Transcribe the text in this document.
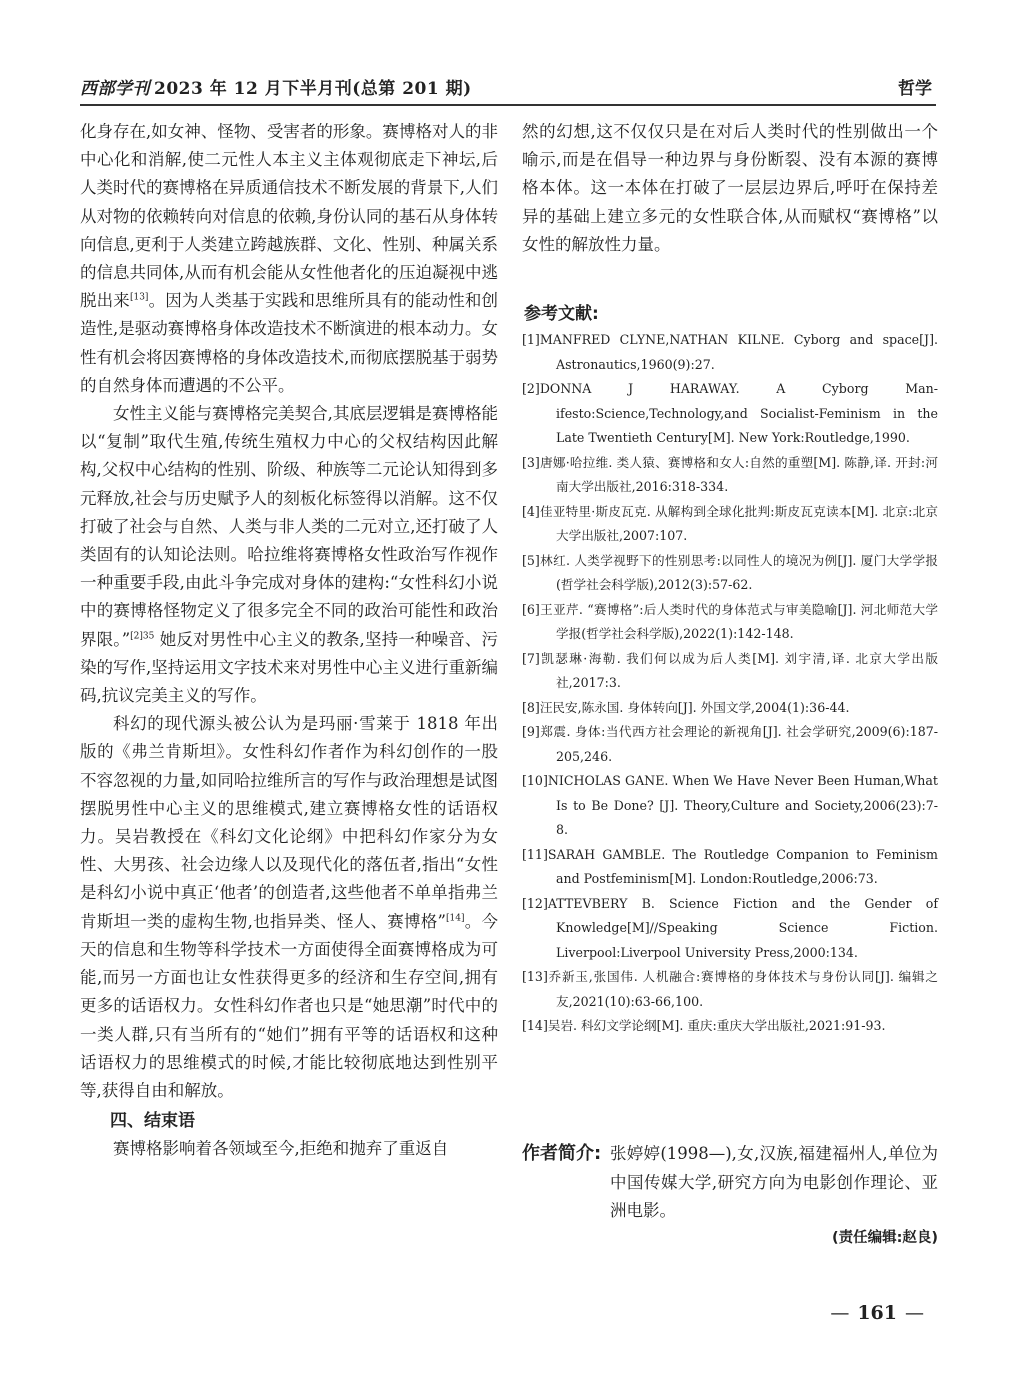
西部学刊 2023 年 12 月下半月刊(总第 201 期)	哲学

化身存在,如女神、怪物、受害者的形象。赛博格对人的非中心化和消解,使二元性人本主义主体观彻底走下神坛,后人类时代的赛博格在异质通信技术不断发展的背景下,人们从对物的依赖转向对信息的依赖,身份认同的基石从身体转向信息,更利于人类建立跨越族群、文化、性别、种属关系的信息共同体,从而有机会能从女性他者化的压迫凝视中逃脱出来[13]。因为人类基于实践和思维所具有的能动性和创造性,是驱动赛博格身体改造技术不断演进的根本动力。女性有机会将因赛博格的身体改造技术,而彻底摆脱基于弱势的自然身体而遭遇的不公平。

女性主义能与赛博格完美契合,其底层逻辑是赛博格能以“复制”取代生殖,传统生殖权力中心的父权结构因此解构,父权中心结构的性别、阶级、种族等二元论认知得到多元释放,社会与历史赋予人的刻板化标签得以消解。这不仅打破了社会与自然、人类与非人类的二元对立,还打破了人类固有的认知论法则。哈拉维将赛博格女性政治写作视作一种重要手段,由此斗争完成对身体的建构:“女性科幻小说中的赛博格怪物定义了很多完全不同的政治可能性和政治界限。”$^{[2]35}$ 她反对男性中心主义的教条,坚持一种噪音、污染的写作,坚持运用文字技术来对男性中心主义进行重新编码,抗议完美主义的写作。

科幻的现代源头被公认为是玛丽·雪莱于 1818 年出版的《弗兰肯斯坦》。女性科幻作者作为科幻创作的一股不容忽视的力量,如同哈拉维所言的写作与政治理想是试图摆脱男性中心主义的思维模式,建立赛博格女性的话语权力。吴岩教授在《科幻文化论纲》中把科幻作家分为女性、大男孩、社会边缘人以及现代化的落伍者,指出“女性是科幻小说中真正‘他者’的创造者,这些他者不单单指弗兰肯斯坦一类的虚构生物,也指异类、怪人、赛博格”[14]。今天的信息和生物等科学技术一方面使得全面赛博格成为可能,而另一方面也让女性获得更多的经济和生存空间,拥有更多的话语权力。女性科幻作者也只是“她思潮”时代中的一类人群,只有当所有的“她们”拥有平等的话语权和这种话语权力的思维模式的时候,才能比较彻底地达到性别平等,获得自由和解放。

四、结束语

赛博格影响着各领域至今,拒绝和抛弃了重返自

然的幻想,这不仅仅只是在对后人类时代的性别做出一个喻示,而是在倡导一种边界与身份断裂、没有本源的赛博格本体。这一本体在打破了一层层边界后,呼吁在保持差异的基础上建立多元的女性联合体,从而赋权“赛博格”以女性的解放性力量。

参考文献:
[1]MANFRED CLYNE,NATHAN KILNE. Cyborg and space[J]. Astronautics,1960(9):27.
[2]DONNA J HARAWAY. A Cyborg Man-ifesto:Science,Technology,and Socialist-Feminism in the Late Twentieth Century[M]. New York:Routledge,1990.
[3]唐娜·哈拉维. 类人猿、赛博格和女人:自然的重塑[M]. 陈静,译. 开封:河南大学出版社,2016:318-334.
[4]佳亚特里·斯皮瓦克. 从解构到全球化批判:斯皮瓦克读本[M]. 北京:北京大学出版社,2007:107.
[5]林红. 人类学视野下的性别思考:以同性人的境况为例[J]. 厦门大学学报(哲学社会科学版),2012(3):57-62.
[6]王亚芹. “赛博格”:后人类时代的身体范式与审美隐喻[J]. 河北师范大学学报(哲学社会科学版),2022(1):142-148.
[7]凯瑟琳·海勒. 我们何以成为后人类[M]. 刘宇清,译. 北京大学出版社,2017:3.
[8]汪民安,陈永国. 身体转向[J]. 外国文学,2004(1):36-44.
[9]郑震. 身体:当代西方社会理论的新视角[J]. 社会学研究,2009(6):187-205,246.
[10]NICHOLAS GANE. When We Have Never Been Human,What Is to Be Done? [J]. Theory,Culture and Society,2006(23):7-8.
[11]SARAH GAMBLE. The Routledge Companion to Feminism and Postfeminism[M]. London:Routledge,2006:73.
[12]ATTEVBERY B. Science Fiction and the Gender of Knowledge[M]//Speaking Science Fiction. Liverpool:Liverpool University Press,2000:134.
[13]乔新玉,张国伟. 人机融合:赛博格的身体技术与身份认同[J]. 编辑之友,2021(10):63-66,100.
[14]吴岩. 科幻文学论纲[M]. 重庆:重庆大学出版社,2021:91-93.
作者简介: 张婷婷(1998—),女,汉族,福建福州人,单位为中国传媒大学,研究方向为电影创作理论、亚洲电影。
(责任编辑:赵良)
— 161 —
